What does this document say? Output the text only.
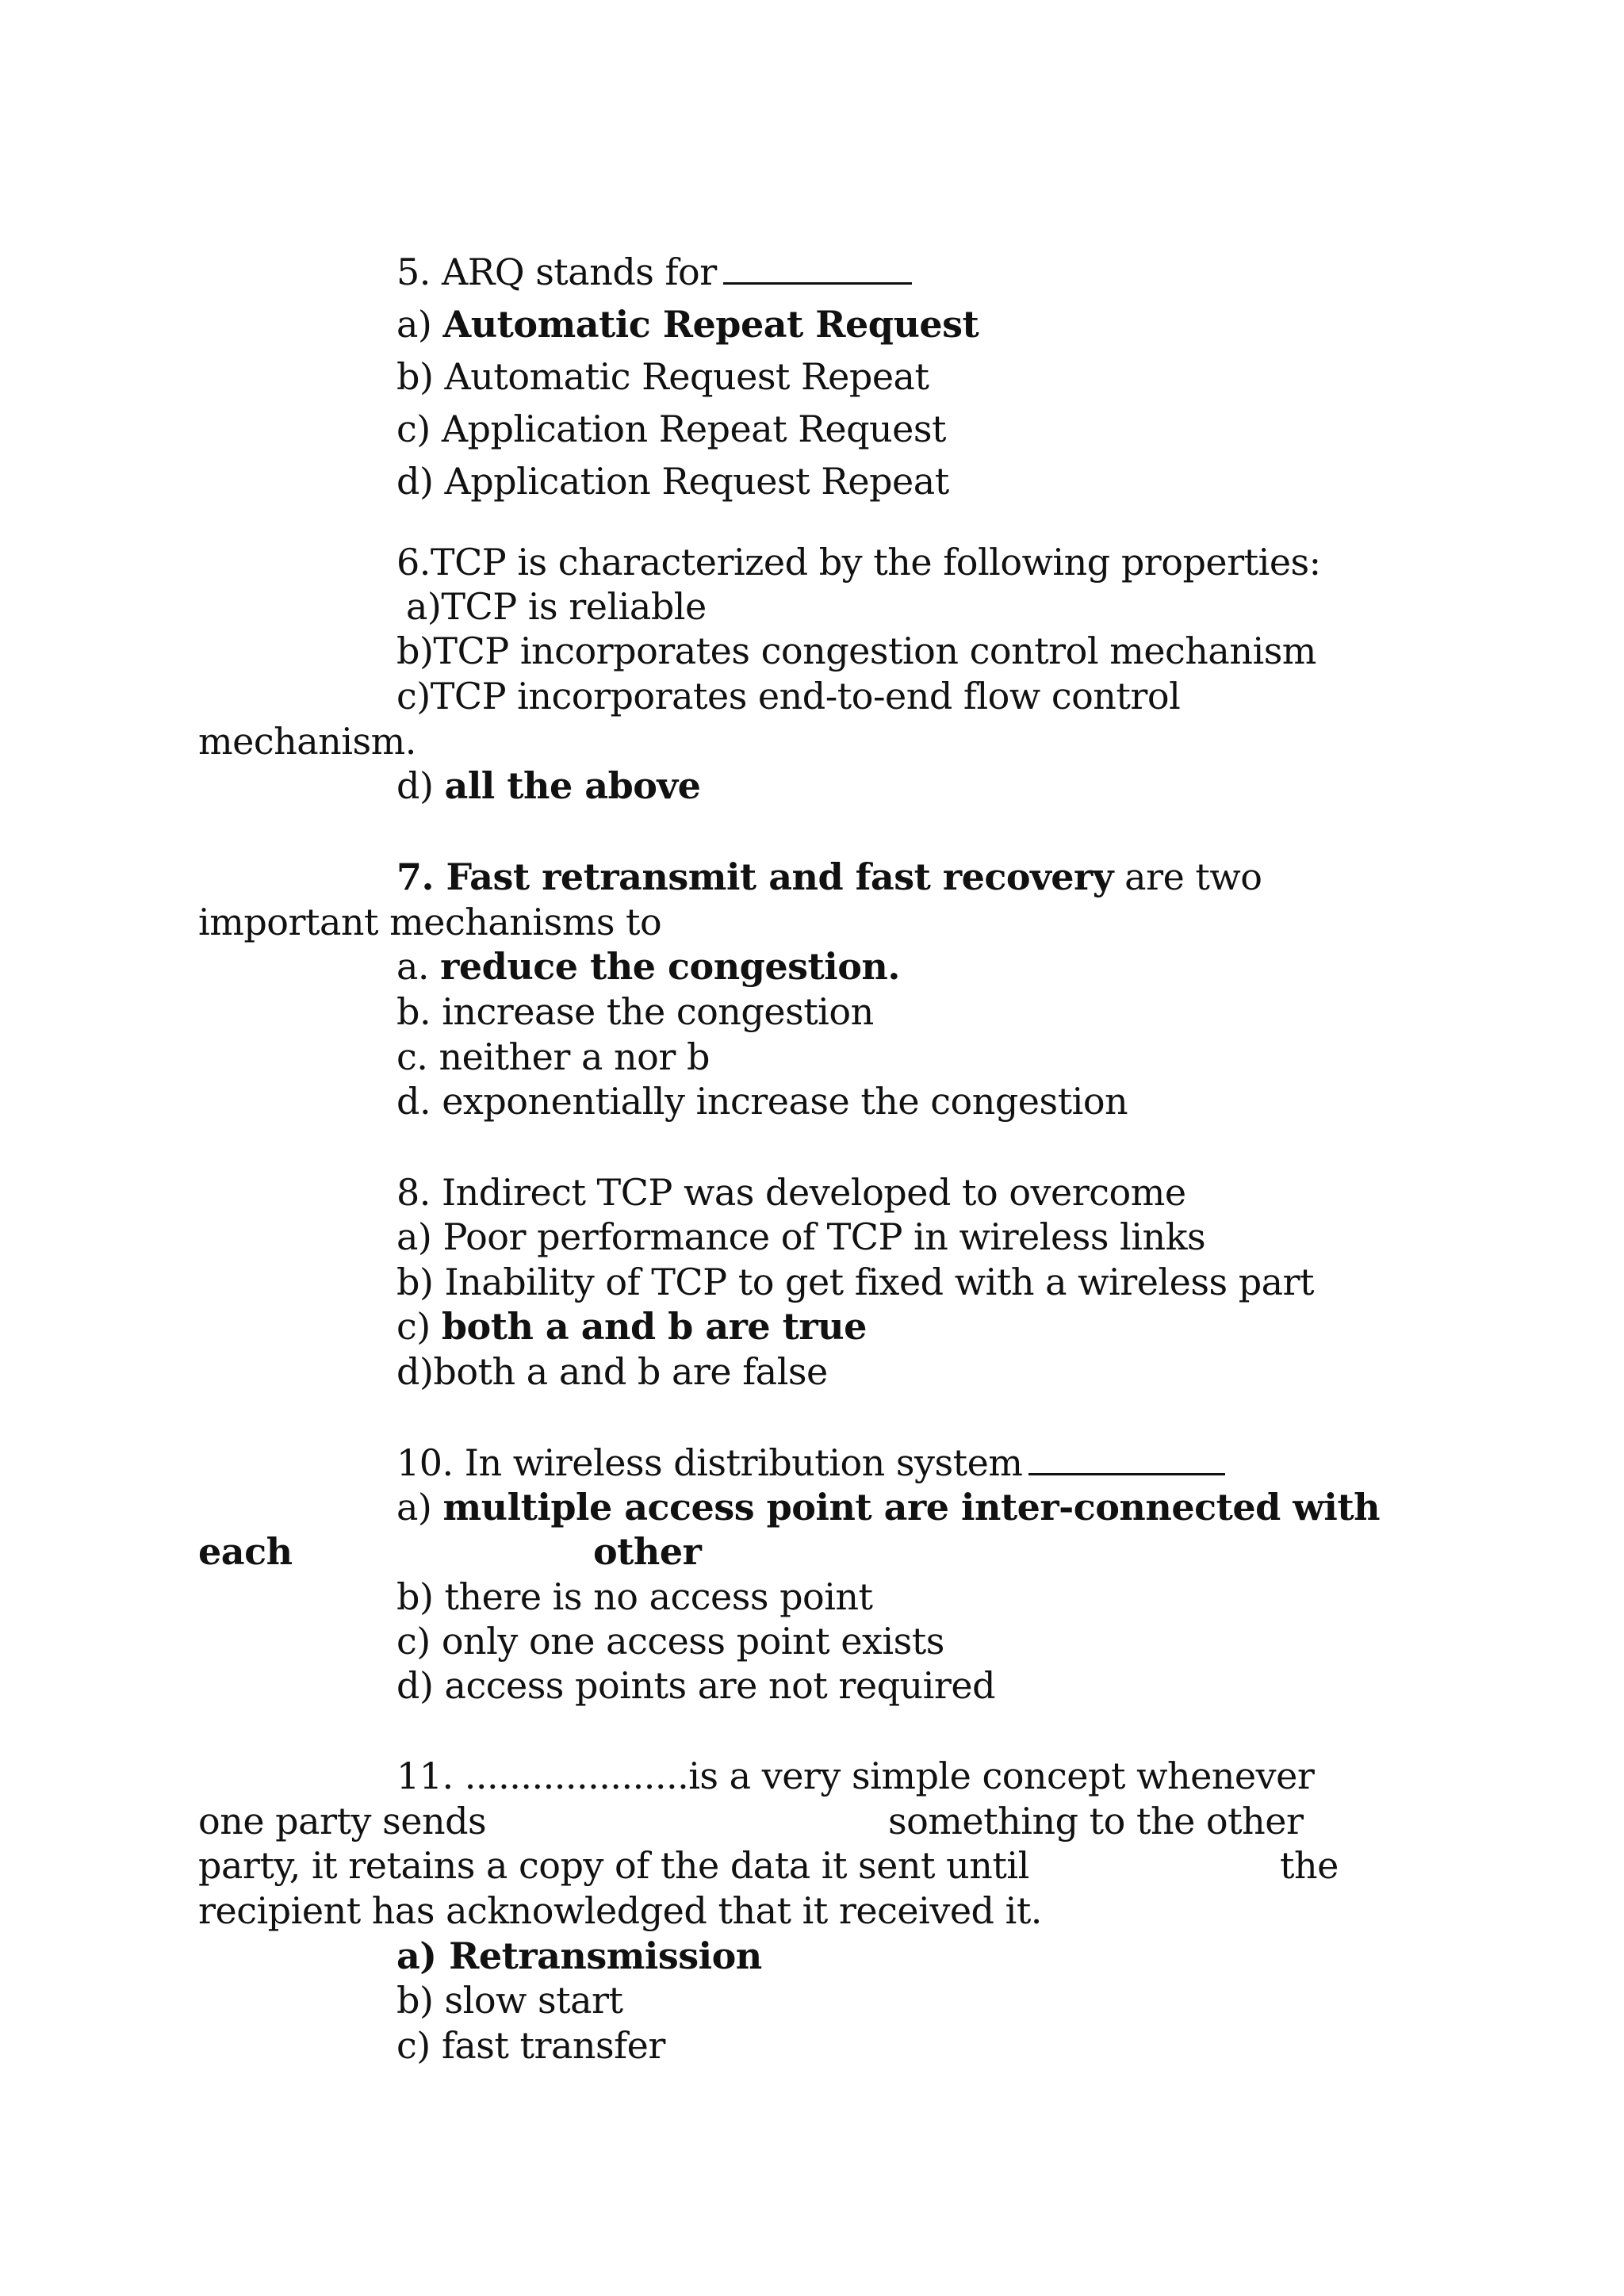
5. ARQ stands for
a) Automatic Repeat Request
b) Automatic Request Repeat
c) Application Repeat Request
d) Application Request Repeat
6.TCP is characterized by the following properties:
a)TCP is reliable
b)TCP incorporates congestion control mechanism
c)TCP incorporates end-to-end flow control
mechanism.
d) all the above
7. Fast retransmit and fast recovery are two
important mechanisms to
a. reduce the congestion.
b. increase the congestion
c. neither a nor b
d. exponentially increase the congestion
8. Indirect TCP was developed to overcome
a) Poor performance of TCP in wireless links
b) Inability of TCP to get fixed with a wireless part
c) both a and b are true
d)both a and b are false
10. In wireless distribution system
a) multiple access point are inter-connected with
each	other
b) there is no access point
c) only one access point exists
d) access points are not required
11. ....................is a very simple concept whenever
one party sends	something to the other
party, it retains a copy of the data it sent until	the
recipient has acknowledged that it received it.
a) Retransmission
b) slow start
c) fast transfer
